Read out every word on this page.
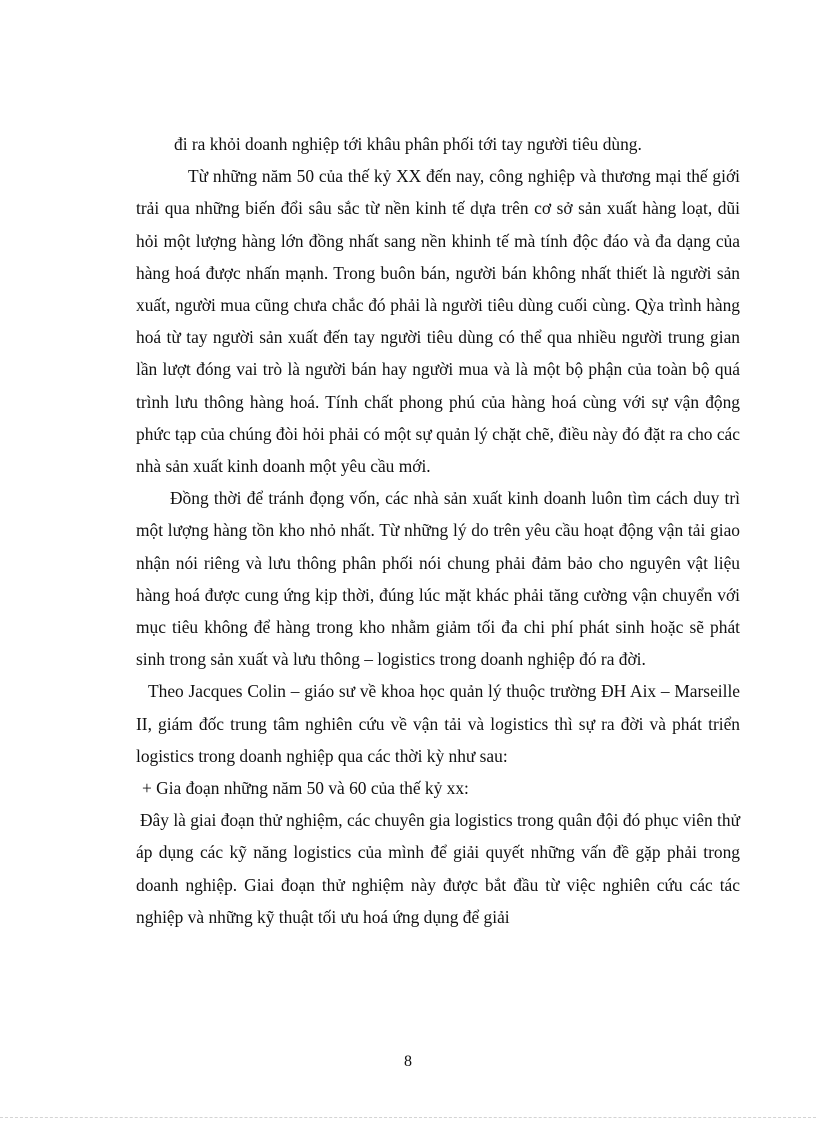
đi ra khỏi doanh nghiệp tới khâu phân phối tới tay người tiêu dùng.

Từ những năm 50 của thế kỷ XX đến nay, công nghiệp và thương mại thế giới trải qua những biến đổi sâu sắc từ nền kinh tế dựa trên cơ sở sản xuất hàng loạt, dũi hỏi một lượng hàng lớn đồng nhất sang nền khinh tế mà tính độc đáo và đa dạng của hàng hoá được nhấn mạnh. Trong buôn bán, người bán không nhất thiết là người sản xuất, người mua cũng chưa chắc đó phải là người tiêu dùng cuối cùng. Qỳa trình hàng hoá từ tay người sản xuất đến tay người tiêu dùng có thể qua nhiều người trung gian lần lượt đóng vai trò là người bán hay người mua và là một bộ phận của toàn bộ quá trình lưu thông hàng hoá. Tính chất phong phú của hàng hoá cùng với sự vận động phức tạp của chúng đòi hỏi phải có một sự quản lý chặt chẽ, điều này đó đặt ra cho các nhà sản xuất kinh doanh một yêu cầu mới.

Đồng thời để tránh đọng vốn, các nhà sản xuất kinh doanh luôn tìm cách duy trì một lượng hàng tồn kho nhỏ nhất. Từ những lý do trên yêu cầu hoạt động vận tải giao nhận nói riêng và lưu thông phân phối nói chung phải đảm bảo cho nguyên vật liệu hàng hoá được cung ứng kịp thời, đúng lúc mặt khác phải tăng cường vận chuyển với mục tiêu không để hàng trong kho nhằm giảm tối đa chi phí phát sinh hoặc sẽ phát sinh trong sản xuất và lưu thông – logistics trong doanh nghiệp đó ra đời.

Theo Jacques Colin – giáo sư về khoa học quản lý thuộc trường ĐH Aix – Marseille II, giám đốc trung tâm nghiên cứu về vận tải và logistics thì sự ra đời và phát triển logistics trong doanh nghiệp qua các thời kỳ như sau:

+ Gia đoạn những năm 50 và 60 của thế kỷ xx:

Đây là giai đoạn thử nghiệm, các chuyên gia logistics trong quân đội đó phục viên thử áp dụng các kỹ năng logistics của mình để giải quyết những vấn đề gặp phải trong doanh nghiệp. Giai đoạn thử nghiệm này được bắt đầu từ việc nghiên cứu các tác nghiệp và những kỹ thuật tối ưu hoá ứng dụng để giải

8
